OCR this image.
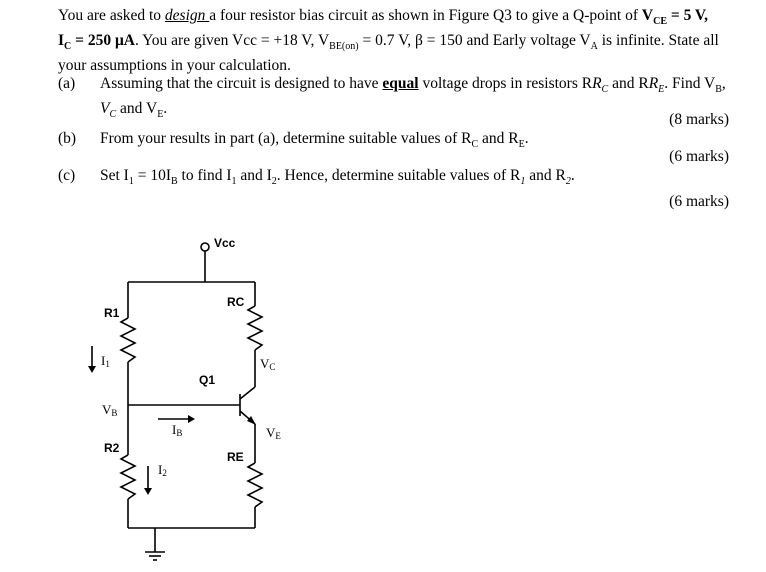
You are asked to design a four resistor bias circuit as shown in Figure Q3 to give a Q-point of $V_{CE} = 5$ V,
$I_C = 250$ μA. You are given Vcc = +18 V, $V_{BE(on)} = 0.7$ V, β = 150 and Early voltage $V_A$ is infinite. State all your assumptions in your calculation.
(a) Assuming that the circuit is designed to have equal voltage drops in resistors $RR_C$ and $RR_E$. Find $V_B$,
$V_C$ and $V_E$.
(8 marks)
(b) From your results in part (a), determine suitable values of $R_C$ and $R_E$.
(6 marks)
(c) Set $I_1 = 10I_B$ to find $I_1$ and $I_2$. Hence, determine suitable values of $R_1$ and $R_2$.
(6 marks)
Vcc
RC
R1
Q1
R2
RE
I1	VC
VB
IB	VE
I2
